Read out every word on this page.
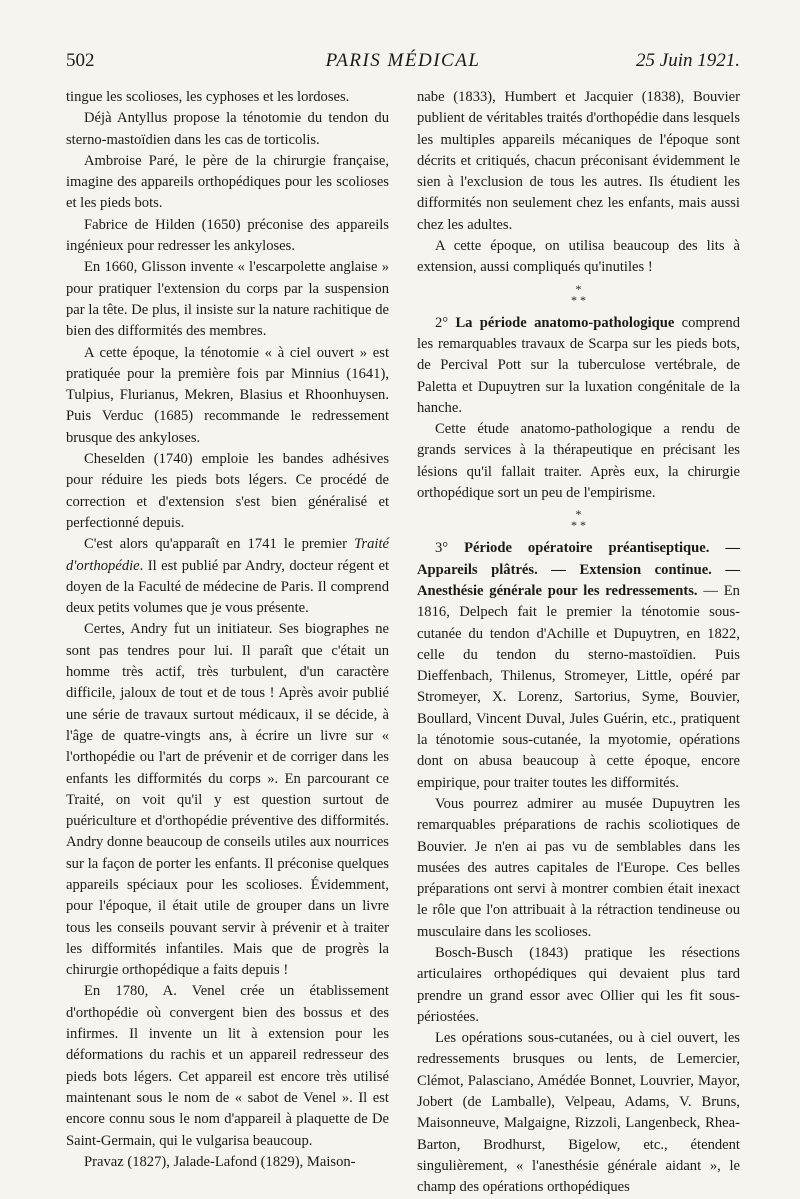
502	PARIS MÉDICAL	25 Juin 1921.

tingue les scolioses, les cyphoses et les lordoses.

Déjà Antyllus propose la ténotomie du tendon du sterno-mastoïdien dans les cas de torticolis.

Ambroise Paré, le père de la chirurgie française, imagine des appareils orthopédiques pour les scolioses et les pieds bots.

Fabrice de Hilden (1650) préconise des appareils ingénieux pour redresser les ankyloses.

En 1660, Glisson invente « l'escarpolette anglaise » pour pratiquer l'extension du corps par la suspension par la tête. De plus, il insiste sur la nature rachitique de bien des difformités des membres.

A cette époque, la ténotomie « à ciel ouvert » est pratiquée pour la première fois par Minnius (1641), Tulpius, Flurianus, Mekren, Blasius et Rhoonhuysen. Puis Verduc (1685) recommande le redressement brusque des ankyloses.

Cheselden (1740) emploie les bandes adhésives pour réduire les pieds bots légers. Ce procédé de correction et d'extension s'est bien généralisé et perfectionné depuis.

C'est alors qu'apparaît en 1741 le premier Traité d'orthopédie. Il est publié par Andry, docteur régent et doyen de la Faculté de médecine de Paris. Il comprend deux petits volumes que je vous présente.

Certes, Andry fut un initiateur. Ses biographes ne sont pas tendres pour lui. Il paraît que c'était un homme très actif, très turbulent, d'un caractère difficile, jaloux de tout et de tous ! Après avoir publié une série de travaux surtout médicaux, il se décide, à l'âge de quatre-vingts ans, à écrire un livre sur « l'orthopédie ou l'art de prévenir et de corriger dans les enfants les difformités du corps ». En parcourant ce Traité, on voit qu'il y est question surtout de puériculture et d'orthopédie préventive des difformités. Andry donne beaucoup de conseils utiles aux nourrices sur la façon de porter les enfants. Il préconise quelques appareils spéciaux pour les scolioses. Évidemment, pour l'époque, il était utile de grouper dans un livre tous les conseils pouvant servir à prévenir et à traiter les difformités infantiles. Mais que de progrès la chirurgie orthopédique a faits depuis !

En 1780, A. Venel crée un établissement d'orthopédie où convergent bien des bossus et des infirmes. Il invente un lit à extension pour les déformations du rachis et un appareil redresseur des pieds bots légers. Cet appareil est encore très utilisé maintenant sous le nom de « sabot de Venel ». Il est encore connu sous le nom d'appareil à plaquette de De Saint-Germain, qui le vulgarisa beaucoup.

Pravaz (1827), Jalade-Lafond (1829), Maison-

nabe (1833), Humbert et Jacquier (1838), Bouvier publient de véritables traités d'orthopédie dans lesquels les multiples appareils mécaniques de l'époque sont décrits et critiqués, chacun préconisant évidemment le sien à l'exclusion de tous les autres. Ils étudient les difformités non seulement chez les enfants, mais aussi chez les adultes.

A cette époque, on utilisa beaucoup des lits à extension, aussi compliqués qu'inutiles !

*
* *

2° La période anatomo-pathologique comprend les remarquables travaux de Scarpa sur les pieds bots, de Percival Pott sur la tuberculose vertébrale, de Paletta et Dupuytren sur la luxation congénitale de la hanche.

Cette étude anatomo-pathologique a rendu de grands services à la thérapeutique en précisant les lésions qu'il fallait traiter. Après eux, la chirurgie orthopédique sort un peu de l'empirisme.

*
* *

3° Période opératoire préantiseptique. — Appareils plâtrés. — Extension continue. — Anesthésie générale pour les redressements. — En 1816, Delpech fait le premier la ténotomie sous-cutanée du tendon d'Achille et Dupuytren, en 1822, celle du tendon du sterno-mastoïdien. Puis Dieffenbach, Thilenus, Stromeyer, Little, opéré par Stromeyer, X. Lorenz, Sartorius, Syme, Bouvier, Boullard, Vincent Duval, Jules Guérin, etc., pratiquent la ténotomie sous-cutanée, la myotomie, opérations dont on abusa beaucoup à cette époque, encore empirique, pour traiter toutes les difformités.

Vous pourrez admirer au musée Dupuytren les remarquables préparations de rachis scoliotiques de Bouvier. Je n'en ai pas vu de semblables dans les musées des autres capitales de l'Europe. Ces belles préparations ont servi à montrer combien était inexact le rôle que l'on attribuait à la rétraction tendineuse ou musculaire dans les scolioses.

Bosch-Busch (1843) pratique les résections articulaires orthopédiques qui devaient plus tard prendre un grand essor avec Ollier qui les fit sous-périostées.

Les opérations sous-cutanées, ou à ciel ouvert, les redressements brusques ou lents, de Lemercier, Clémot, Palasciano, Amédée Bonnet, Louvrier, Mayor, Jobert (de Lamballe), Velpeau, Adams, V. Bruns, Maisonneuve, Malgaigne, Rizzoli, Langenbeck, Rhea-Barton, Brodhurst, Bigelow, etc., étendent singulièrement, « l'anesthésie générale aidant », le champ des opérations orthopédiques
